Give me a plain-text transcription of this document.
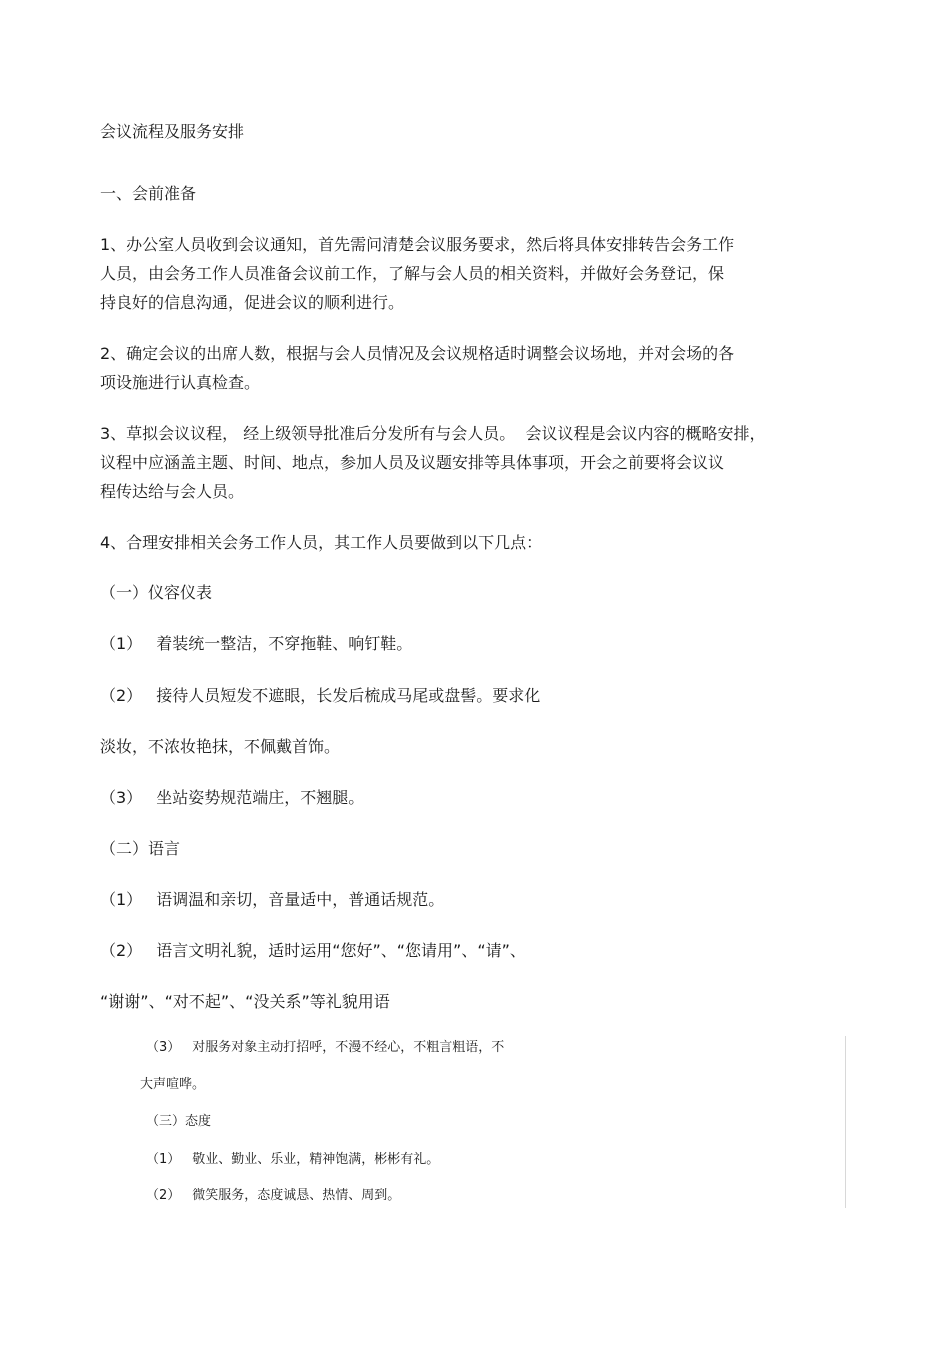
会议流程及服务安排

一、会前准备

1、办公室人员收到会议通知，首先需问清楚会议服务要求，然后将具体安排转告会务工作

人员，由会务工作人员准备会议前工作，了解与会人员的相关资料，并做好会务登记，保

持良好的信息沟通，促进会议的顺利进行。

2、确定会议的出席人数，根据与会人员情况及会议规格适时调整会议场地，并对会场的各

项设施进行认真检查。

3、草拟会议议程， 经上级领导批准后分发所有与会人员。  会议议程是会议内容的概略安排，

议程中应涵盖主题、时间、地点，参加人员及议题安排等具体事项，开会之前要将会议议

程传达给与会人员。

4、合理安排相关会务工作人员，其工作人员要做到以下几点：

（一）仪容仪表

（1） 着装统一整洁，不穿拖鞋、响钉鞋。

（2） 接待人员短发不遮眼，长发后梳成马尾或盘髻。要求化

淡妆，不浓妆艳抹，不佩戴首饰。

（3） 坐站姿势规范端庄，不翘腿。

（二）语言

（1） 语调温和亲切，音量适中，普通话规范。

（2） 语言文明礼貌，适时运用“您好”、“您请用”、“请”、

“谢谢”、“对不起”、“没关系”等礼貌用语

（3） 对服务对象主动打招呼，不漫不经心，不粗言粗语，不

大声喧哗。

（三）态度

（1） 敬业、勤业、乐业，精神饱满，彬彬有礼。

（2） 微笑服务，态度诚恳、热情、周到。
